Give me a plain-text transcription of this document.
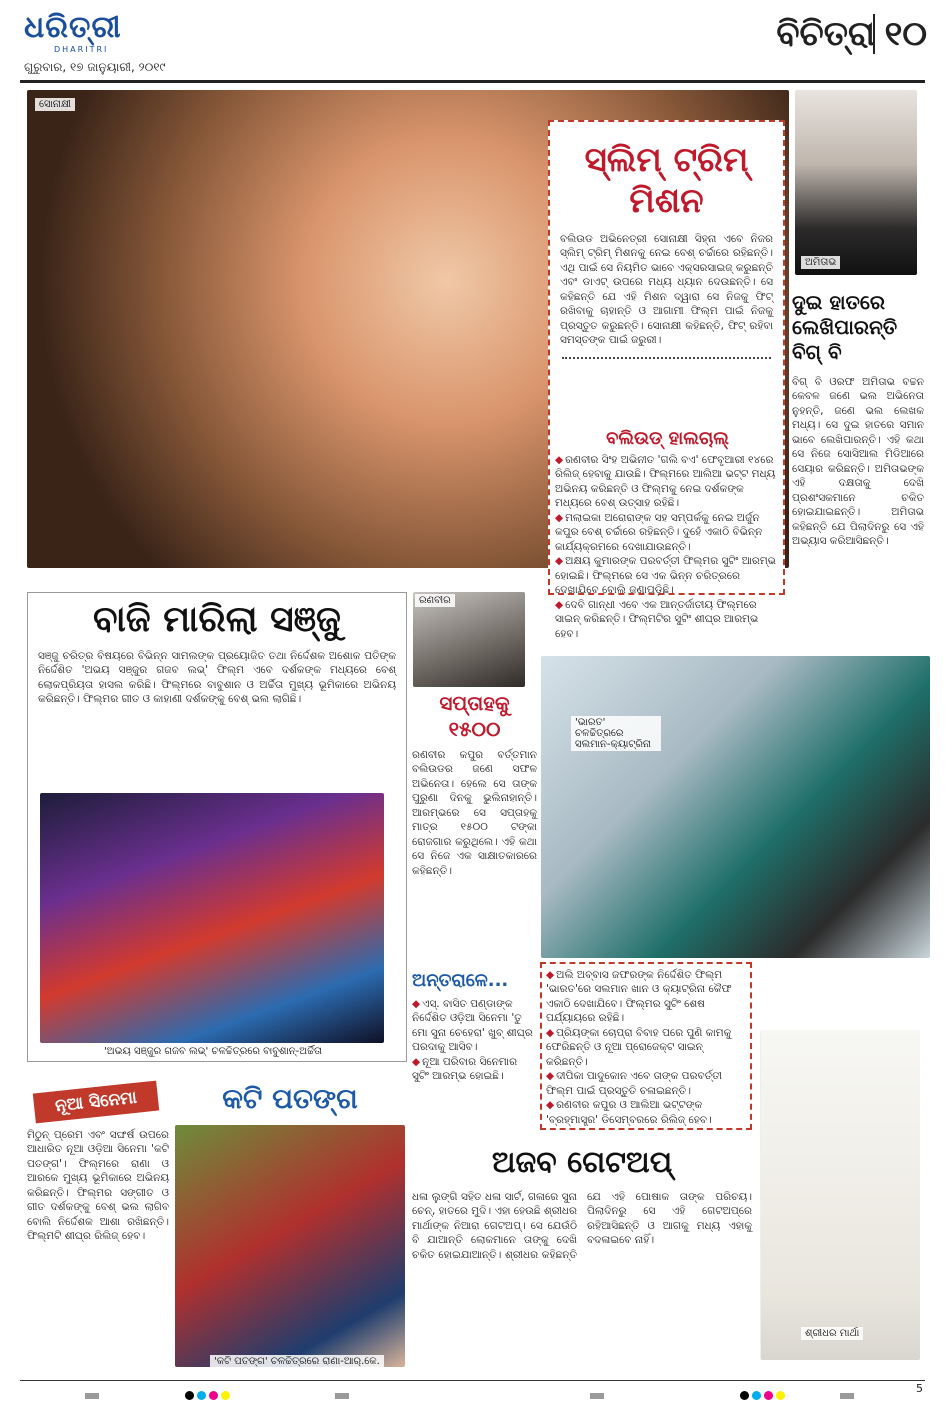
ଧରିତ୍ରୀ
DHARITRI
ଗୁରୁବାର, ୧୭ ଜାନୁୟାରୀ, ୨୦୧୯
ବିଚିତ୍ରା ୧୦
ସୋନାକ୍ଷୀ
ସ୍ଲିମ୍ ଟ୍ରିମ୍ ମିଶନ
ବଲିଉଡ ଅଭିନେତ୍ରୀ ସୋନାକ୍ଷୀ ସିହ୍ନା ଏବେ ନିଜର ସ୍ଲିମ୍ ଟ୍ରିମ୍ ମିଶନକୁ ନେଇ ବେଶ୍ ଚର୍ଚ୍ଚାରେ ରହିଛନ୍ତି। ଏଥି ପାଇଁ ସେ ନିୟମିତ ଭାବେ ଏକ୍ସରସାଇଜ୍ କରୁଛନ୍ତି ଏବଂ ଡାଏଟ୍ ଉପରେ ମଧ୍ୟ ଧ୍ୟାନ ଦେଉଛନ୍ତି। ସେ କହିଛନ୍ତି ଯେ ଏହି ମିଶନ ଦ୍ୱାରା ସେ ନିଜକୁ ଫିଟ୍ ରଖିବାକୁ ଚାହାନ୍ତି ଓ ଆଗାମୀ ଫିଲ୍ମ ପାଇଁ ନିଜକୁ ପ୍ରସ୍ତୁତ କରୁଛନ୍ତି। ସୋନାକ୍ଷୀ କହିଛନ୍ତି, ଫିଟ୍ ରହିବା ସମସ୍ତଙ୍କ ପାଇଁ ଜରୁରୀ।
ବଲିଉଡ୍ ହାଲଚାଲ୍

◆ ରଣବୀର ସିଂହ ଅଭିନୀତ 'ଗଲି ବଏ' ଫେବୃଆରୀ ୧୪ରେ ରିଲିଜ୍ ହେବାକୁ ଯାଉଛି। ଫିଲ୍ମରେ ଆଲିଆ ଭଟ୍ଟ ମଧ୍ୟ ଅଭିନୟ କରିଛନ୍ତି ଓ ଫିଲ୍ମକୁ ନେଇ ଦର୍ଶକଙ୍କ ମଧ୍ୟରେ ବେଶ୍ ଉତ୍ସାହ ରହିଛି।

◆ ମଲାଇକା ଅରୋରାଙ୍କ ସହ ସମ୍ପର୍କକୁ ନେଇ ଅର୍ଜୁନ କପୁର ବେଶ୍ ଚର୍ଚ୍ଚାରେ ରହିଛନ୍ତି। ଦୁହେଁ ଏକାଠି ବିଭିନ୍ନ କାର୍ଯ୍ୟକ୍ରମରେ ଦେଖାଯାଉଛନ୍ତି।

◆ ଅକ୍ଷୟ କୁମାରଙ୍କ ପରବର୍ତ୍ତୀ ଫିଲ୍ମର ସୁଟିଂ ଆରମ୍ଭ ହୋଇଛି। ଫିଲ୍ମରେ ସେ ଏକ ଭିନ୍ନ ଚରିତ୍ରରେ ଦେଖାଯିବେ ବୋଲି ଜଣାପଡ଼ିଛି।

◆ ଦେବି ଗାନ୍ଧୀ ଏବେ ଏକ ଆନ୍ତର୍ଜାତୀୟ ଫିଲ୍ମରେ ସାଇନ୍ କରିଛନ୍ତି। ଫିଲ୍ମଟିର ସୁଟିଂ ଶୀଘ୍ର ଆରମ୍ଭ ହେବ।

ଅମିତାଭ
ଦୁଇ ହାତରେ ଲେଖିପାରନ୍ତି ବିଗ୍ ବି
ବିଗ୍ ବି ଓରଫ ଅମିତାଭ ବଚ୍ଚନ କେବଳ ଜଣେ ଭଲ ଅଭିନେତା ନୁହନ୍ତି, ଜଣେ ଭଲ ଲେଖକ ମଧ୍ୟ। ସେ ଦୁଇ ହାତରେ ସମାନ ଭାବେ ଲେଖିପାରନ୍ତି। ଏହି କଥା ସେ ନିଜେ ସୋସିଆଲ ମିଡିଆରେ ସେୟାର କରିଛନ୍ତି। ଅମିତାଭଙ୍କ ଏହି ଦକ୍ଷତାକୁ ଦେଖି ପ୍ରଶଂସକମାନେ ଚକିତ ହୋଇଯାଇଛନ୍ତି। ଅମିତାଭ କହିଛନ୍ତି ଯେ ପିଲାଦିନରୁ ସେ ଏହି ଅଭ୍ୟାସ କରିଆସିଛନ୍ତି।
ବାଜି ମାରିଲା ସଞ୍ଜୁ
ସଞ୍ଜୁ ଚରିତ୍ର ବିଷୟରେ ବିଭିନ୍ନ ସାମଲଙ୍କ ପ୍ରୟୋଜିତ ତଥା ନିର୍ଦ୍ଦେଶକ ଅଶୋକ ପତିଙ୍କ ନିର୍ଦ୍ଦେଶିତ 'ଅଭୟ ସଞ୍ଜୁର ଗଜବ ଲଭ୍' ଫିଲ୍ମ ଏବେ ଦର୍ଶକଙ୍କ ମଧ୍ୟରେ ବେଶ୍ ଲୋକପ୍ରିୟତା ହାସଲ କରିଛି। ଫିଲ୍ମରେ ବାବୁଶାନ ଓ ଅର୍ଚ୍ଚିତା ମୁଖ୍ୟ ଭୂମିକାରେ ଅଭିନୟ କରିଛନ୍ତି। ଫିଲ୍ମର ଗୀତ ଓ କାହାଣୀ ଦର୍ଶକଙ୍କୁ ବେଶ୍ ଭଲ ଲାଗିଛି।
'ଅଭୟ ସଞ୍ଜୁର ଗଜବ ଲଭ୍' ଚଳଚ୍ଚିତ୍ରରେ ବାବୁଶାନ୍-ଅର୍ଚ୍ଚିତା
ରଣବୀର
ସପ୍ତାହକୁ ୧୫୦୦
ରଣବୀର କପୁର ବର୍ତ୍ତମାନ ବଲିଉଡର ଜଣେ ସଫଳ ଅଭିନେତା। ହେଲେ ସେ ତାଙ୍କ ପୁରୁଣା ଦିନକୁ ଭୁଲିନାହାନ୍ତି। ଆରମ୍ଭରେ ସେ ସପ୍ତାହକୁ ମାତ୍ର ୧୫୦୦ ଟଙ୍କା ରୋଜଗାର କରୁଥିଲେ। ଏହି କଥା ସେ ନିଜେ ଏକ ସାକ୍ଷାତକାରରେ କହିଛନ୍ତି।
'ଭାରତ' ଚଳଚ୍ଚିତ୍ରରେ ସଲମାନ-କ୍ୟାଟ୍ରିନା
ଅନ୍ତରାଳେ...

◆ ଏସ୍. ବାସିତ ପଣ୍ଡାଙ୍କ ନିର୍ଦ୍ଦେଶିତ ଓଡ଼ିଆ ସିନେମା 'ତୁ ମୋ ସୁନା ଚେହେରା' ଖୁବ୍ ଶୀଘ୍ର ପରଦାକୁ ଆସିବ।

◆ ନୂଆ ପରିବାର ସିନେମାର ସୁଟିଂ ଆରମ୍ଭ ହୋଇଛି।

◆ ଅଲି ଅବ୍ବାସ ଜଫରଙ୍କ ନିର୍ଦ୍ଦେଶିତ ଫିଲ୍ମ 'ଭାରତ'ରେ ସଲମାନ ଖାନ ଓ କ୍ୟାଟ୍ରିନା କୈଫ ଏକାଠି ଦେଖାଯିବେ। ଫିଲ୍ମର ସୁଟିଂ ଶେଷ ପର୍ଯ୍ୟାୟରେ ରହିଛି।

◆ ପ୍ରିୟଙ୍କା ଚୋପ୍ରା ବିବାହ ପରେ ପୁଣି କାମକୁ ଫେରିଛନ୍ତି ଓ ନୂଆ ପ୍ରୋଜେକ୍ଟ ସାଇନ୍ କରିଛନ୍ତି।

◆ ଦୀପିକା ପାଦୁକୋନ ଏବେ ତାଙ୍କ ପରବର୍ତ୍ତୀ ଫିଲ୍ମ ପାଇଁ ପ୍ରସ୍ତୁତି ଚଳାଇଛନ୍ତି।

◆ ରଣବୀର କପୁର ଓ ଆଲିଆ ଭଟ୍ଟଙ୍କ 'ବ୍ରହ୍ମାସ୍ତ୍ର' ଡିସେମ୍ବରରେ ରିଲିଜ୍ ହେବ।

ନୂଆ ସିନେମା	କଟି ପତଙ୍ଗ
ମିଠୁନ୍ ପ୍ରେମ ଏବଂ ସଙ୍ଘର୍ଷ ଉପରେ ଆଧାରିତ ନୂଆ ଓଡ଼ିଆ ସିନେମା 'କଟି ପତଙ୍ଗ'। ଫିଲ୍ମରେ ରାଣା ଓ ଆରକେ ମୁଖ୍ୟ ଭୂମିକାରେ ଅଭିନୟ କରିଛନ୍ତି। ଫିଲ୍ମର ସଙ୍ଗୀତ ଓ ଗୀତ ଦର୍ଶକଙ୍କୁ ବେଶ୍ ଭଲ ଲାଗିବ ବୋଲି ନିର୍ଦ୍ଦେଶକ ଆଶା ରଖିଛନ୍ତି। ଫିଲ୍ମଟି ଶୀଘ୍ର ରିଲିଜ୍ ହେବ।
'କଟି ପତଙ୍ଗ' ଚଳଚ୍ଚିତ୍ରରେ ରାଣା-ଆର୍.କେ.
ଅଜବ ଗେଟଅପ୍
ଧଳା ଲୁଙ୍ଗି ସହିତ ଧଳା ସାର୍ଟ, ଗଳାରେ ସୁନା ଚେନ୍, ହାତରେ ମୁଦି। ଏହା ହେଉଛି ଶ୍ରୀଧର ମାର୍ଥାଙ୍କ ନିଆରା ଗେଟଅପ୍। ସେ ଯେଉଁଠି ବି ଯାଆନ୍ତି ଲୋକମାନେ ତାଙ୍କୁ ଦେଖି ଚକିତ ହୋଇଯାଆନ୍ତି। ଶ୍ରୀଧର କହିଛନ୍ତି ଯେ ଏହି ପୋଷାକ ତାଙ୍କ ପରିଚୟ। ପିଲାଦିନରୁ ସେ ଏହି ଗେଟଅପ୍‌ରେ ରହିଆସିଛନ୍ତି ଓ ଆଗକୁ ମଧ୍ୟ ଏହାକୁ ବଦଳାଇବେ ନାହିଁ।
ଶ୍ରୀଧର ମାର୍ଥା
5
